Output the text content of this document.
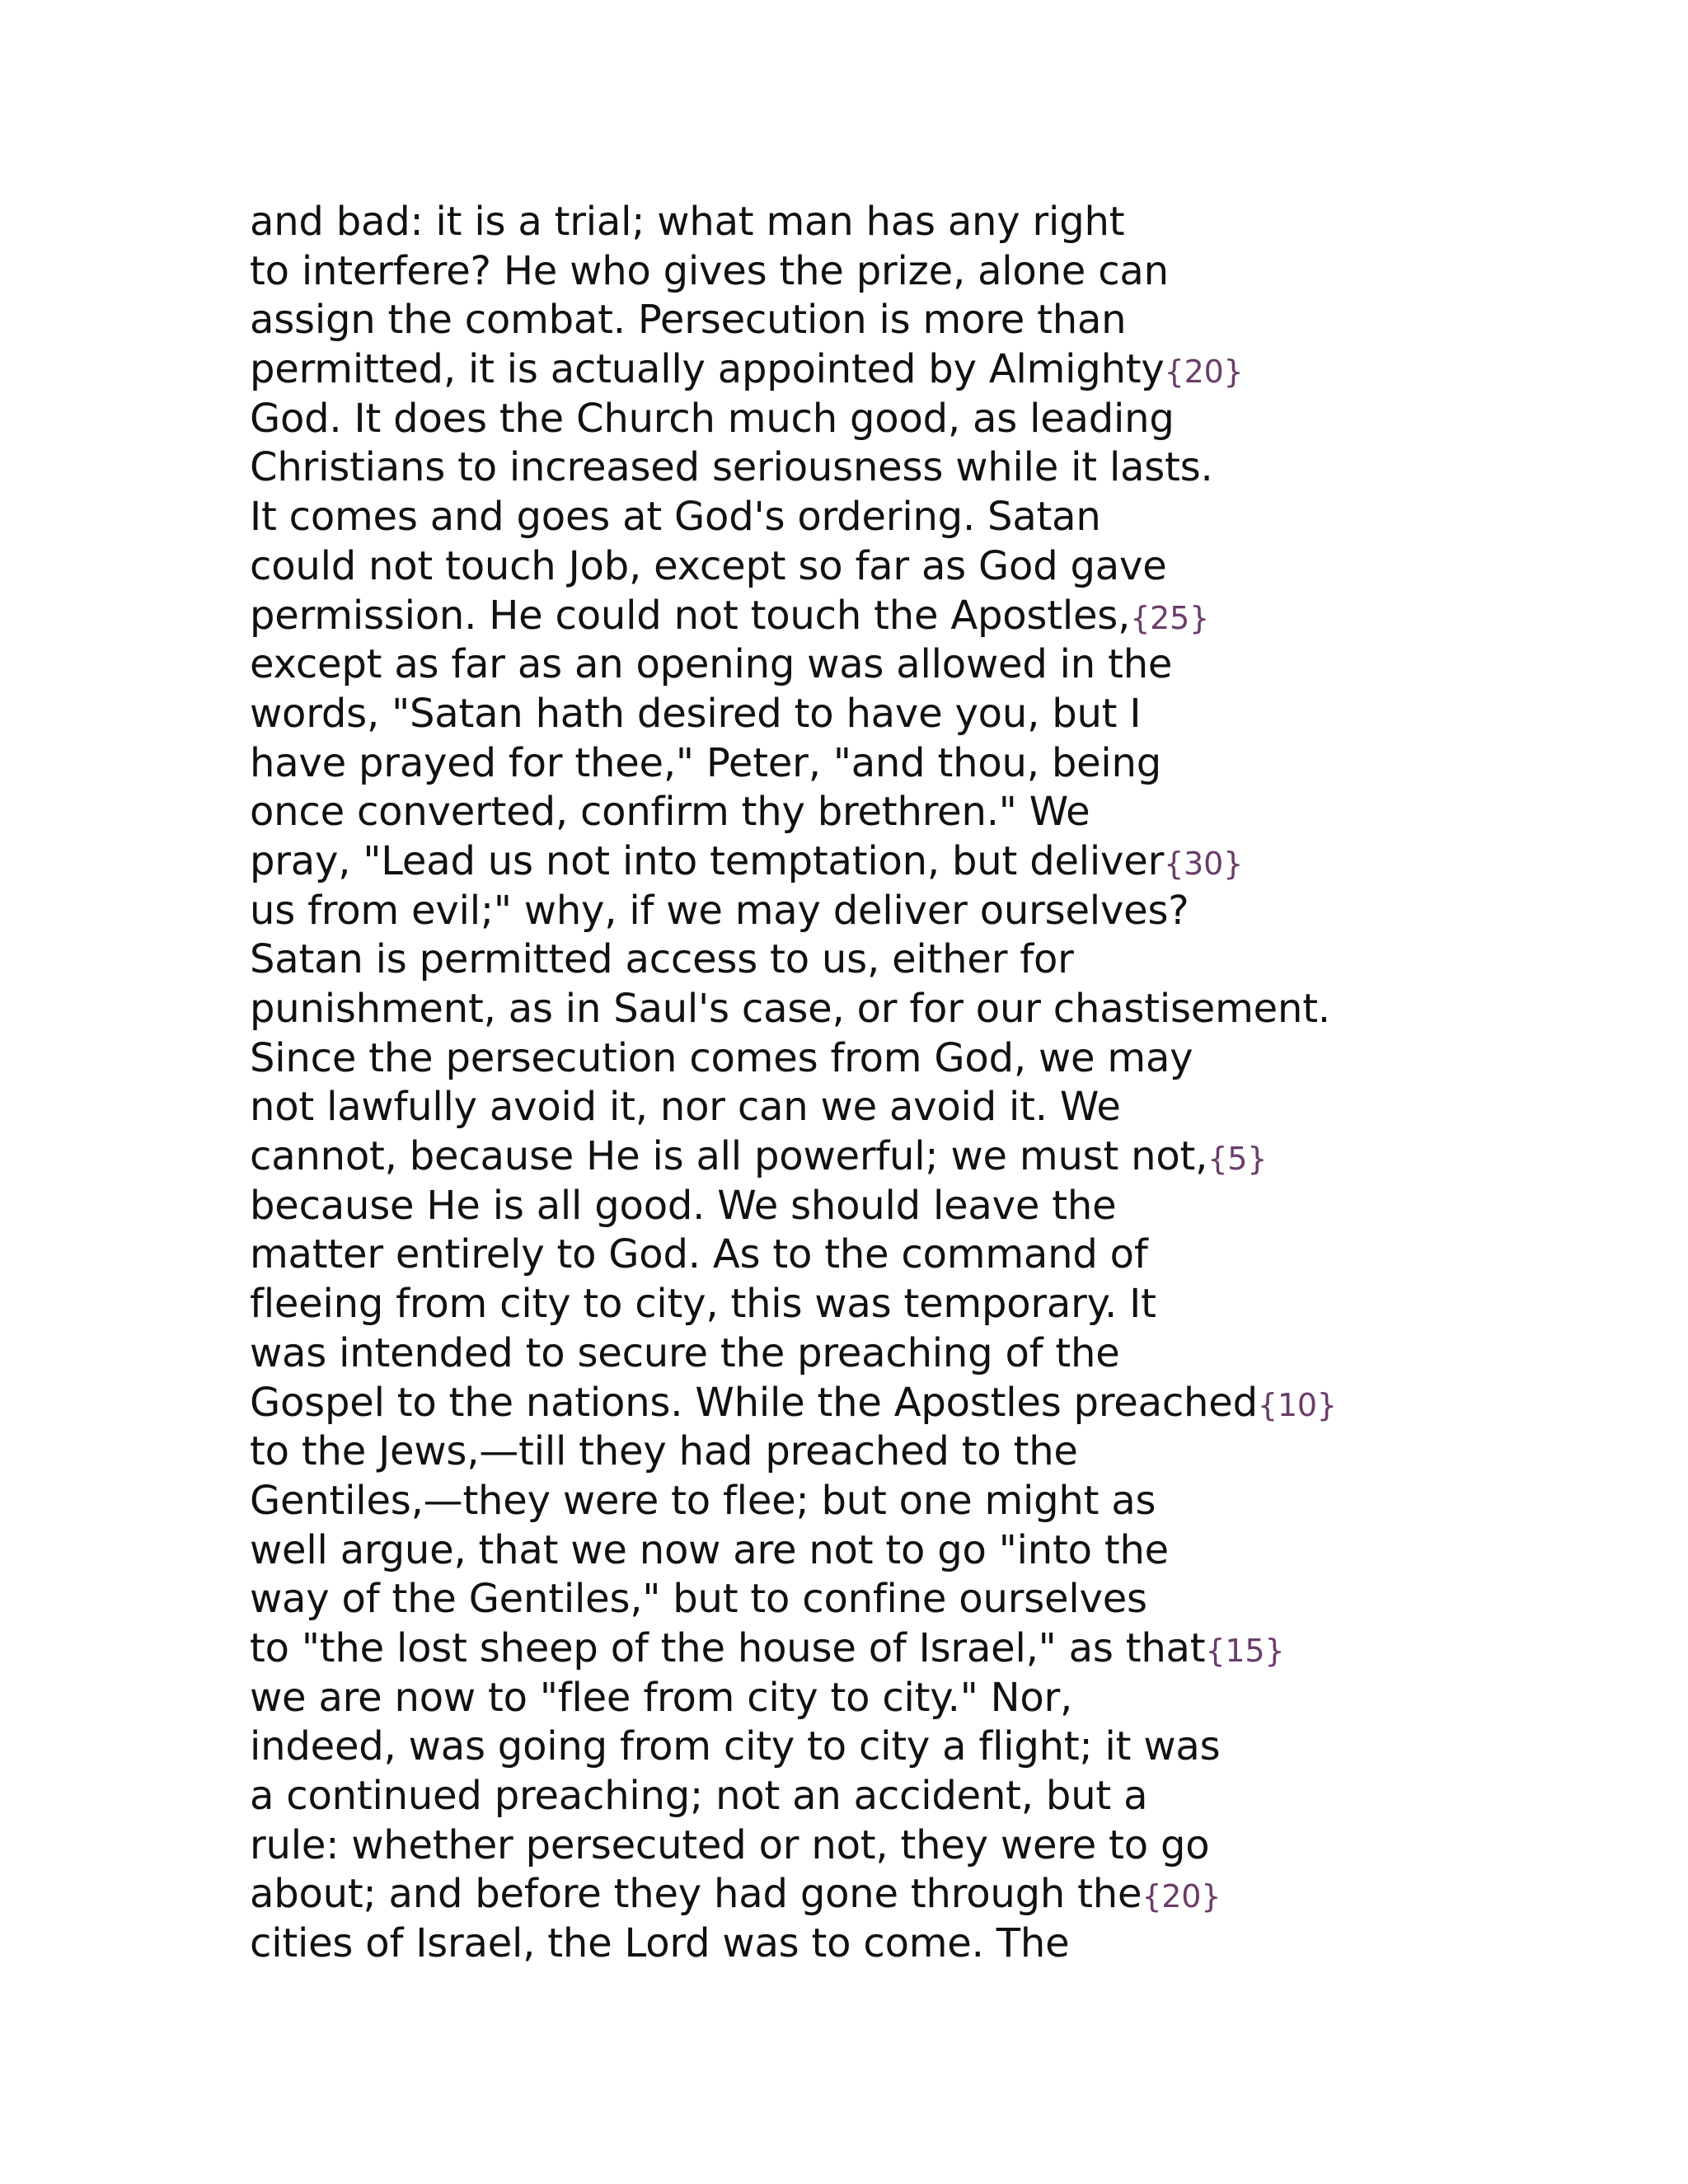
and bad: it is a trial; what man has any right
to interfere? He who gives the prize, alone can
assign the combat. Persecution is more than
permitted, it is actually appointed by Almighty{20}
God. It does the Church much good, as leading
Christians to increased seriousness while it lasts.
It comes and goes at God's ordering. Satan
could not touch Job, except so far as God gave
permission. He could not touch the Apostles,{25}
except as far as an opening was allowed in the
words, "Satan hath desired to have you, but I
have prayed for thee," Peter, "and thou, being
once converted, confirm thy brethren." We
pray, "Lead us not into temptation, but deliver{30}
us from evil;" why, if we may deliver ourselves?
Satan is permitted access to us, either for
punishment, as in Saul's case, or for our chastisement.
Since the persecution comes from God, we may
not lawfully avoid it, nor can we avoid it. We
cannot, because He is all powerful; we must not,{5}
because He is all good. We should leave the
matter entirely to God. As to the command of
fleeing from city to city, this was temporary. It
was intended to secure the preaching of the
Gospel to the nations. While the Apostles preached{10}
to the Jews,—till they had preached to the
Gentiles,—they were to flee; but one might as
well argue, that we now are not to go "into the
way of the Gentiles," but to confine ourselves
to "the lost sheep of the house of Israel," as that{15}
we are now to "flee from city to city." Nor,
indeed, was going from city to city a flight; it was
a continued preaching; not an accident, but a
rule: whether persecuted or not, they were to go
about; and before they had gone through the{20}
cities of Israel, the Lord was to come. The
